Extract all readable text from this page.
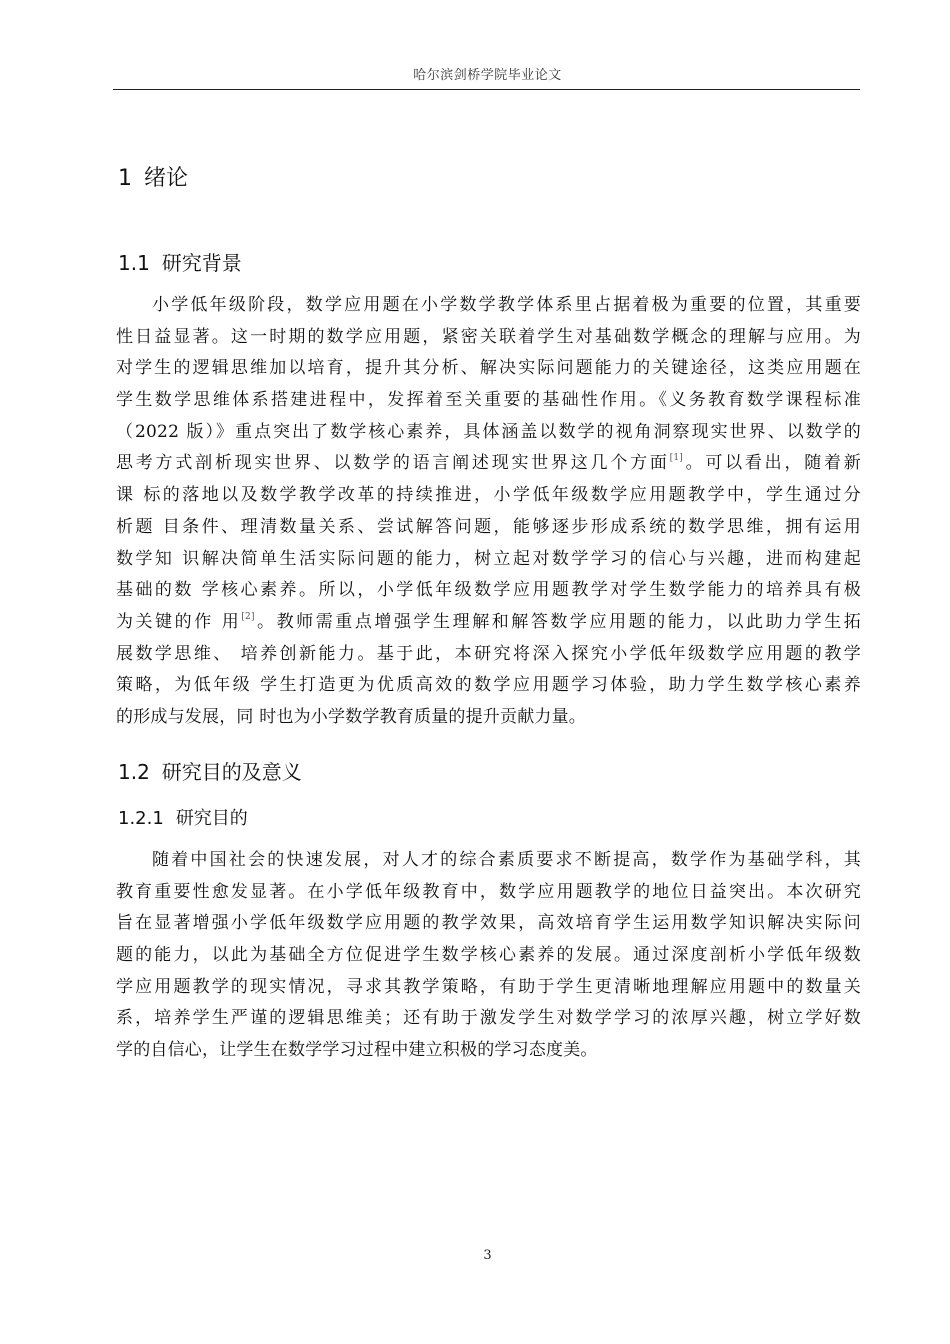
哈尔滨剑桥学院毕业论文
1 绪论
1.1 研究背景
小学低年级阶段，数学应用题在小学数学教学体系里占据着极为重要的位置，其重要
性日益显著。这一时期的数学应用题，紧密关联着学生对基础数学概念的理解与应用。为
对学生的逻辑思维加以培育，提升其分析、解决实际问题能力的关键途径，这类应用题在
学生数学思维体系搭建进程中，发挥着至关重要的基础性作用。《义务教育数学课程标准
（2022 版）》重点突出了数学核心素养，具体涵盖以数学的视角洞察现实世界、以数学的
思考方式剖析现实世界、以数学的语言阐述现实世界这几个方面[1]。可以看出，随着新
课 标的落地以及数学教学改革的持续推进，小学低年级数学应用题教学中，学生通过分
析题 目条件、理清数量关系、尝试解答问题，能够逐步形成系统的数学思维，拥有运用
数学知 识解决简单生活实际问题的能力，树立起对数学学习的信心与兴趣，进而构建起
基础的数 学核心素养。所以，小学低年级数学应用题教学对学生数学能力的培养具有极
为关键的作 用[2]。教师需重点增强学生理解和解答数学应用题的能力，以此助力学生拓
展数学思维、 培养创新能力。基于此，本研究将深入探究小学低年级数学应用题的教学
策略，为低年级 学生打造更为优质高效的数学应用题学习体验，助力学生数学核心素养
的形成与发展，同 时也为小学数学教育质量的提升贡献力量。
1.2 研究目的及意义
1.2.1 研究目的
随着中国社会的快速发展，对人才的综合素质要求不断提高，数学作为基础学科，其
教育重要性愈发显著。在小学低年级教育中，数学应用题教学的地位日益突出。本次研究
旨在显著增强小学低年级数学应用题的教学效果，高效培育学生运用数学知识解决实际问
题的能力，以此为基础全方位促进学生数学核心素养的发展。通过深度剖析小学低年级数
学应用题教学的现实情况，寻求其教学策略，有助于学生更清晰地理解应用题中的数量关
系，培养学生严谨的逻辑思维美；还有助于激发学生对数学学习的浓厚兴趣，树立学好数
学的自信心，让学生在数学学习过程中建立积极的学习态度美。
3
